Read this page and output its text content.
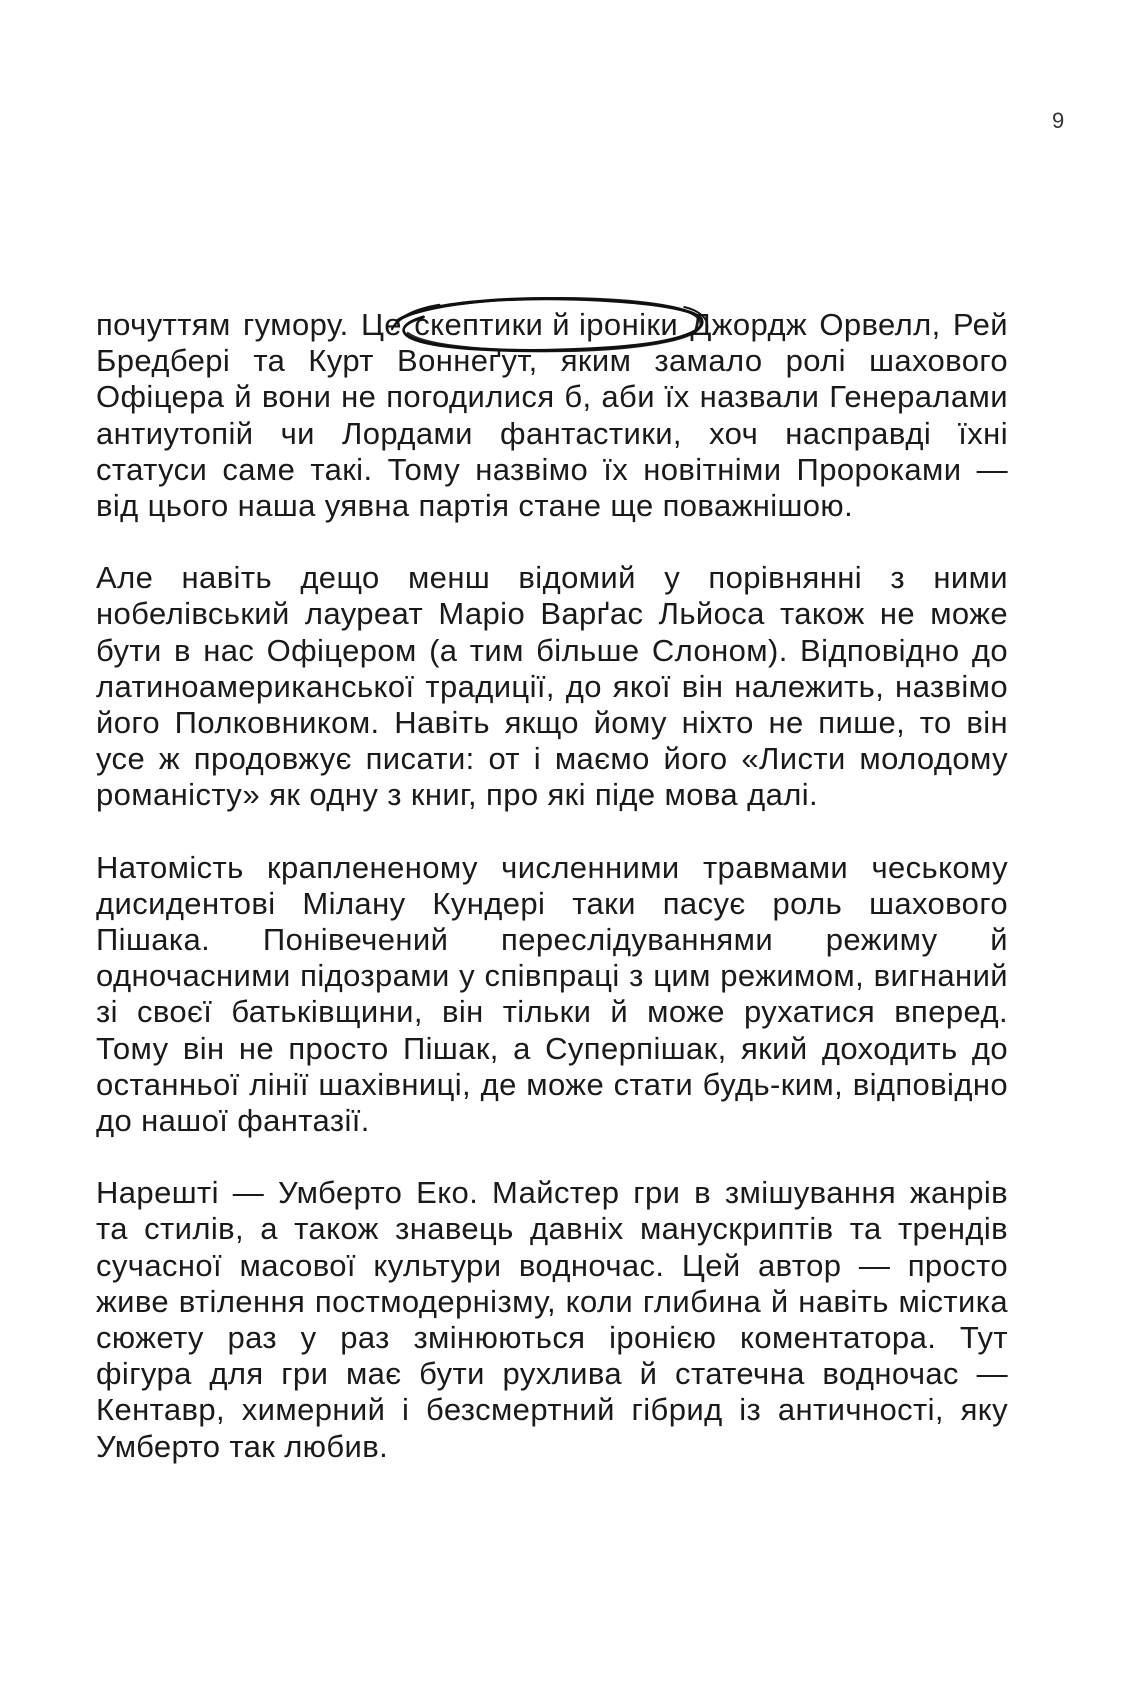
9

почуттям гумору. Це
скептики й іроніки Джордж Орвелл, Рей Бредбері та Курт Воннеґут, яким замало ролі шахового Офіцера й вони не погодилися б, аби їх назвали Генералами антиутопій чи Лордами фантастики, хоч насправді їхні статуси саме такі. Тому назвімо їх новітніми Пророками — від цього наша уявна партія стане ще поважнішою.

Але навіть дещо менш відомий у порівнянні з ними нобелівський лауреат Маріо Варґас Льйоса також не може бути в нас Офіцером (а тим більше Слоном). Відповідно до латиноамериканської традиції, до якої він належить, назвімо його Полковником. Навіть якщо йому ніхто не пише, то він усе ж продовжує писати: от і маємо його «Листи молодому романісту» як одну з книг, про які піде мова далі.

Натомість краплененому численними травмами чеському дисидентові Мілану Кундері таки пасує роль шахового Пішака. Понівечений переслідуваннями режиму й одночасними підозрами у співпраці з цим режимом, вигнаний зі своєї батьківщини, він тільки й може рухатися вперед. Тому він не просто Пішак, а Суперпішак, який доходить до останньої лінії шахівниці, де може стати будь-ким, відповідно до нашої фантазії.

Нарешті — Умберто Еко. Майстер гри в змішування жанрів та стилів, а також знавець давніх манускриптів та трендів сучасної масової культури водночас. Цей автор — просто живе втілення постмодернізму, коли глибина й навіть містика сюжету раз у раз змінюються іронією коментатора. Тут фігура для гри має бути рухлива й статечна водночас — Кентавр, химерний і безсмертний гібрид із античності, яку Умберто так любив.
